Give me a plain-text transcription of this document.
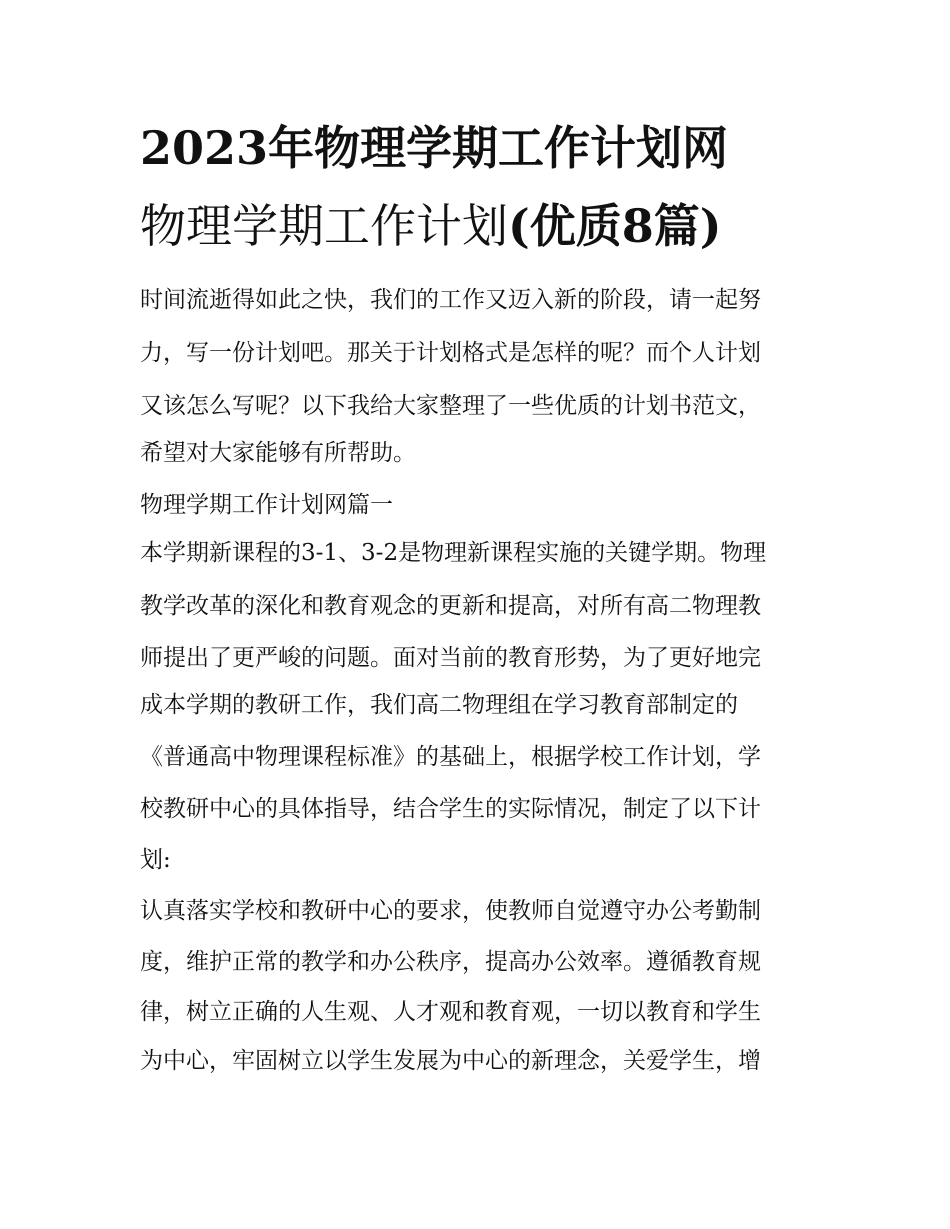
2023年物理学期工作计划网
物理学期工作计划(优质8篇)
时间流逝得如此之快，我们的工作又迈入新的阶段，请一起努
力，写一份计划吧。那关于计划格式是怎样的呢？而个人计划
又该怎么写呢？以下我给大家整理了一些优质的计划书范文，
希望对大家能够有所帮助。
物理学期工作计划网篇一
本学期新课程的3-1、3-2是物理新课程实施的关键学期。物理
教学改革的深化和教育观念的更新和提高，对所有高二物理教
师提出了更严峻的问题。面对当前的教育形势，为了更好地完
成本学期的教研工作，我们高二物理组在学习教育部制定的
《普通高中物理课程标准》的基础上，根据学校工作计划，学
校教研中心的具体指导，结合学生的实际情况，制定了以下计
划:
认真落实学校和教研中心的要求，使教师自觉遵守办公考勤制
度，维护正常的教学和办公秩序，提高办公效率。遵循教育规
律，树立正确的人生观、人才观和教育观，一切以教育和学生
为中心，牢固树立以学生发展为中心的新理念，关爱学生，增
